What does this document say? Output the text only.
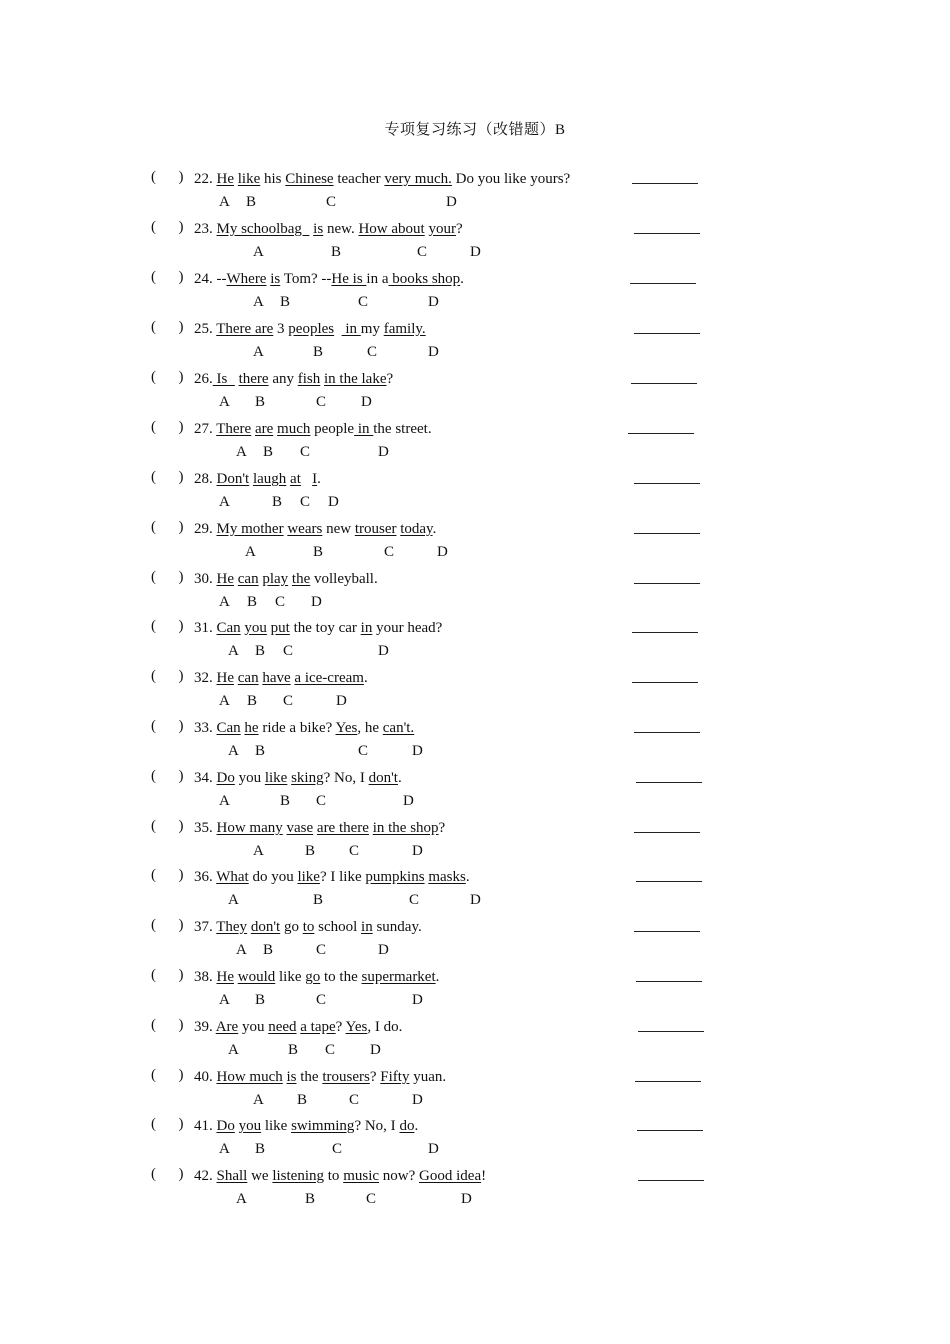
专项复习练习（改错题）B
(      ) 22. He like his Chinese teacher very much. Do you like yours?
A B	C	D
(      ) 23. My schoolbag   is new. How about your?
A	B	C	D
(      ) 24. --Where is Tom? --He is in a books shop.
A B	C	D
(      ) 25. There are 3 peoples   in my family.
A	B	C	D
(      ) 26. Is   there any fish in the lake?
A B	C D
(      ) 27. There are much people in the street.
A B C	D
(      ) 28. Don't laugh at I.
A	B C D
(      ) 29. My mother wears new trouser today.
A	B	C	D
(      ) 30. He can play the volleyball.
A B C D
(      ) 31. Can you put the toy car in your head?
A B C	D
(      ) 32. He can have a ice-cream.
A B C	D
(      ) 33. Can he ride a bike? Yes, he can't.
A B	C	D
(      ) 34. Do you like sking? No, I don't.
A	B C	D
(      ) 35. How many vase are there in the shop?
A	B C	D
(      ) 36. What do you like? I like pumpkins masks.
A	B	C	D
(      ) 37. They don't go to school in sunday.
A B	C	D
(      ) 38. He would like go to the supermarket.
A B	C	D
(      ) 39. Are you need a tape? Yes, I do.
A	B C D
(      ) 40. How much is the trousers? Fifty yuan.
A B	C	D
(      ) 41. Do you like swimming? No, I do.
A B	C	D
(      ) 42. Shall we listening to music now? Good idea!
A	B	C	D
